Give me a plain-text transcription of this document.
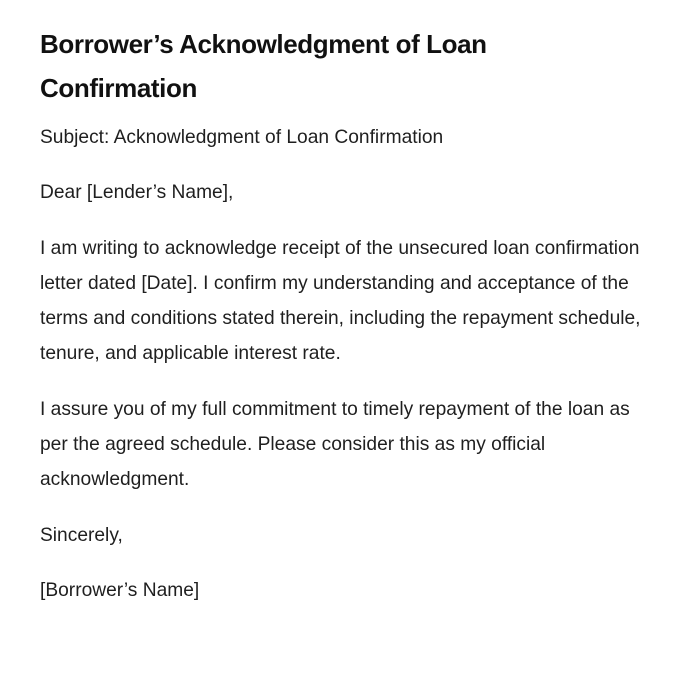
Borrower’s Acknowledgment of Loan Confirmation

Subject: Acknowledgment of Loan Confirmation

Dear [Lender’s Name],

I am writing to acknowledge receipt of the unsecured loan confirmation letter dated [Date]. I confirm my understanding and acceptance of the terms and conditions stated therein, including the repayment schedule, tenure, and applicable interest rate.

I assure you of my full commitment to timely repayment of the loan as per the agreed schedule. Please consider this as my official acknowledgment.

Sincerely,

[Borrower’s Name]
